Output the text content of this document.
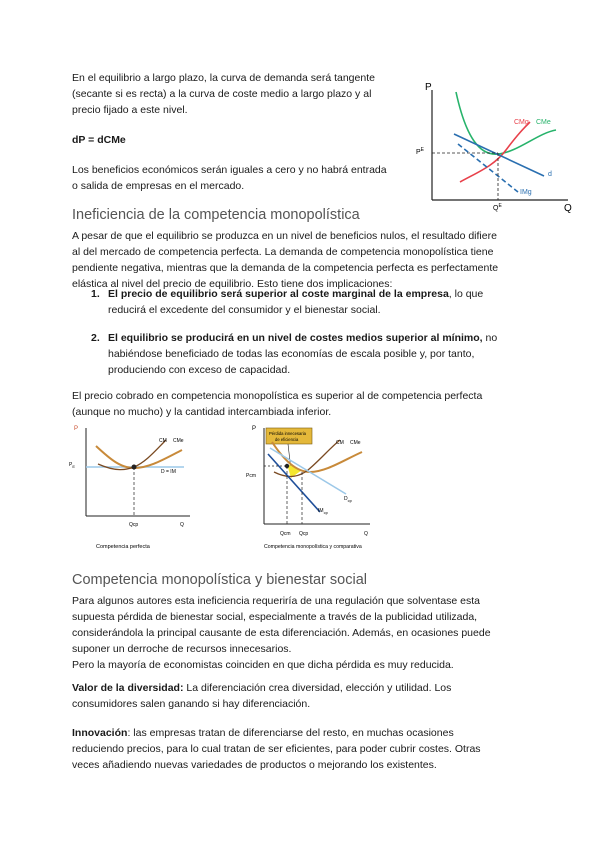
En el equilibrio a largo plazo, la curva de demanda será tangente

(secante si es recta) a la curva de coste medio a largo plazo y al

precio fijado a este nivel.

dP = dCMe

Los beneficios económicos serán iguales a cero y no habrá entrada

o salida de empresas en el mercado.

P
Q
$P^E$
$Q^E$
CMg CMe
d
IMg
Ineficiencia de la competencia monopolística

A pesar de que el equilibrio se produzca en un nivel de beneficios nulos, el resultado difiere

al del mercado de competencia perfecta. La demanda de competencia monopolística tiene

pendiente negativa, mientras que la demanda de la competencia perfecta es perfectamente

elástica al nivel del precio de equilibrio. Esto tiene dos implicaciones:

1. El precio de equilibrio será superior al coste marginal de la empresa, lo que
reducirá el excedente del consumidor y el bienestar social.
2. El equilibrio se producirá en un nivel de costes medios superior al mínimo, no
habiéndose beneficiado de todas las economías de escala posible y, por tanto,
produciendo con exceso de capacidad.

El precio cobrado en competencia monopolística es superior al de competencia perfecta

(aunque no mucho) y la cantidad intercambiada inferior.

P
$P_E$
CM CMe
D = IM
Qcp	Q
Competencia perfecta
P
Pérdida innecesaria
de eficiencia
Pcm
CM CMe
$D_{cp}$
$IM_{cp}$
Qcm Qcp	Q
Competencia monopolística y comparativa
Competencia monopolística y bienestar social

Para algunos autores esta ineficiencia requeriría de una regulación que solventase esta

supuesta pérdida de bienestar social, especialmente a través de la publicidad utilizada,

considerándola la principal causante de esta diferenciación. Además, en ocasiones puede

suponer un derroche de recursos innecesarios.

Pero la mayoría de economistas coinciden en que dicha pérdida es muy reducida.

Valor de la diversidad: La diferenciación crea diversidad, elección y utilidad. Los

consumidores salen ganando si hay diferenciación.

Innovación: las empresas tratan de diferenciarse del resto, en muchas ocasiones

reduciendo precios, para lo cual tratan de ser eficientes, para poder cubrir costes. Otras

veces añadiendo nuevas variedades de productos o mejorando los existentes.
